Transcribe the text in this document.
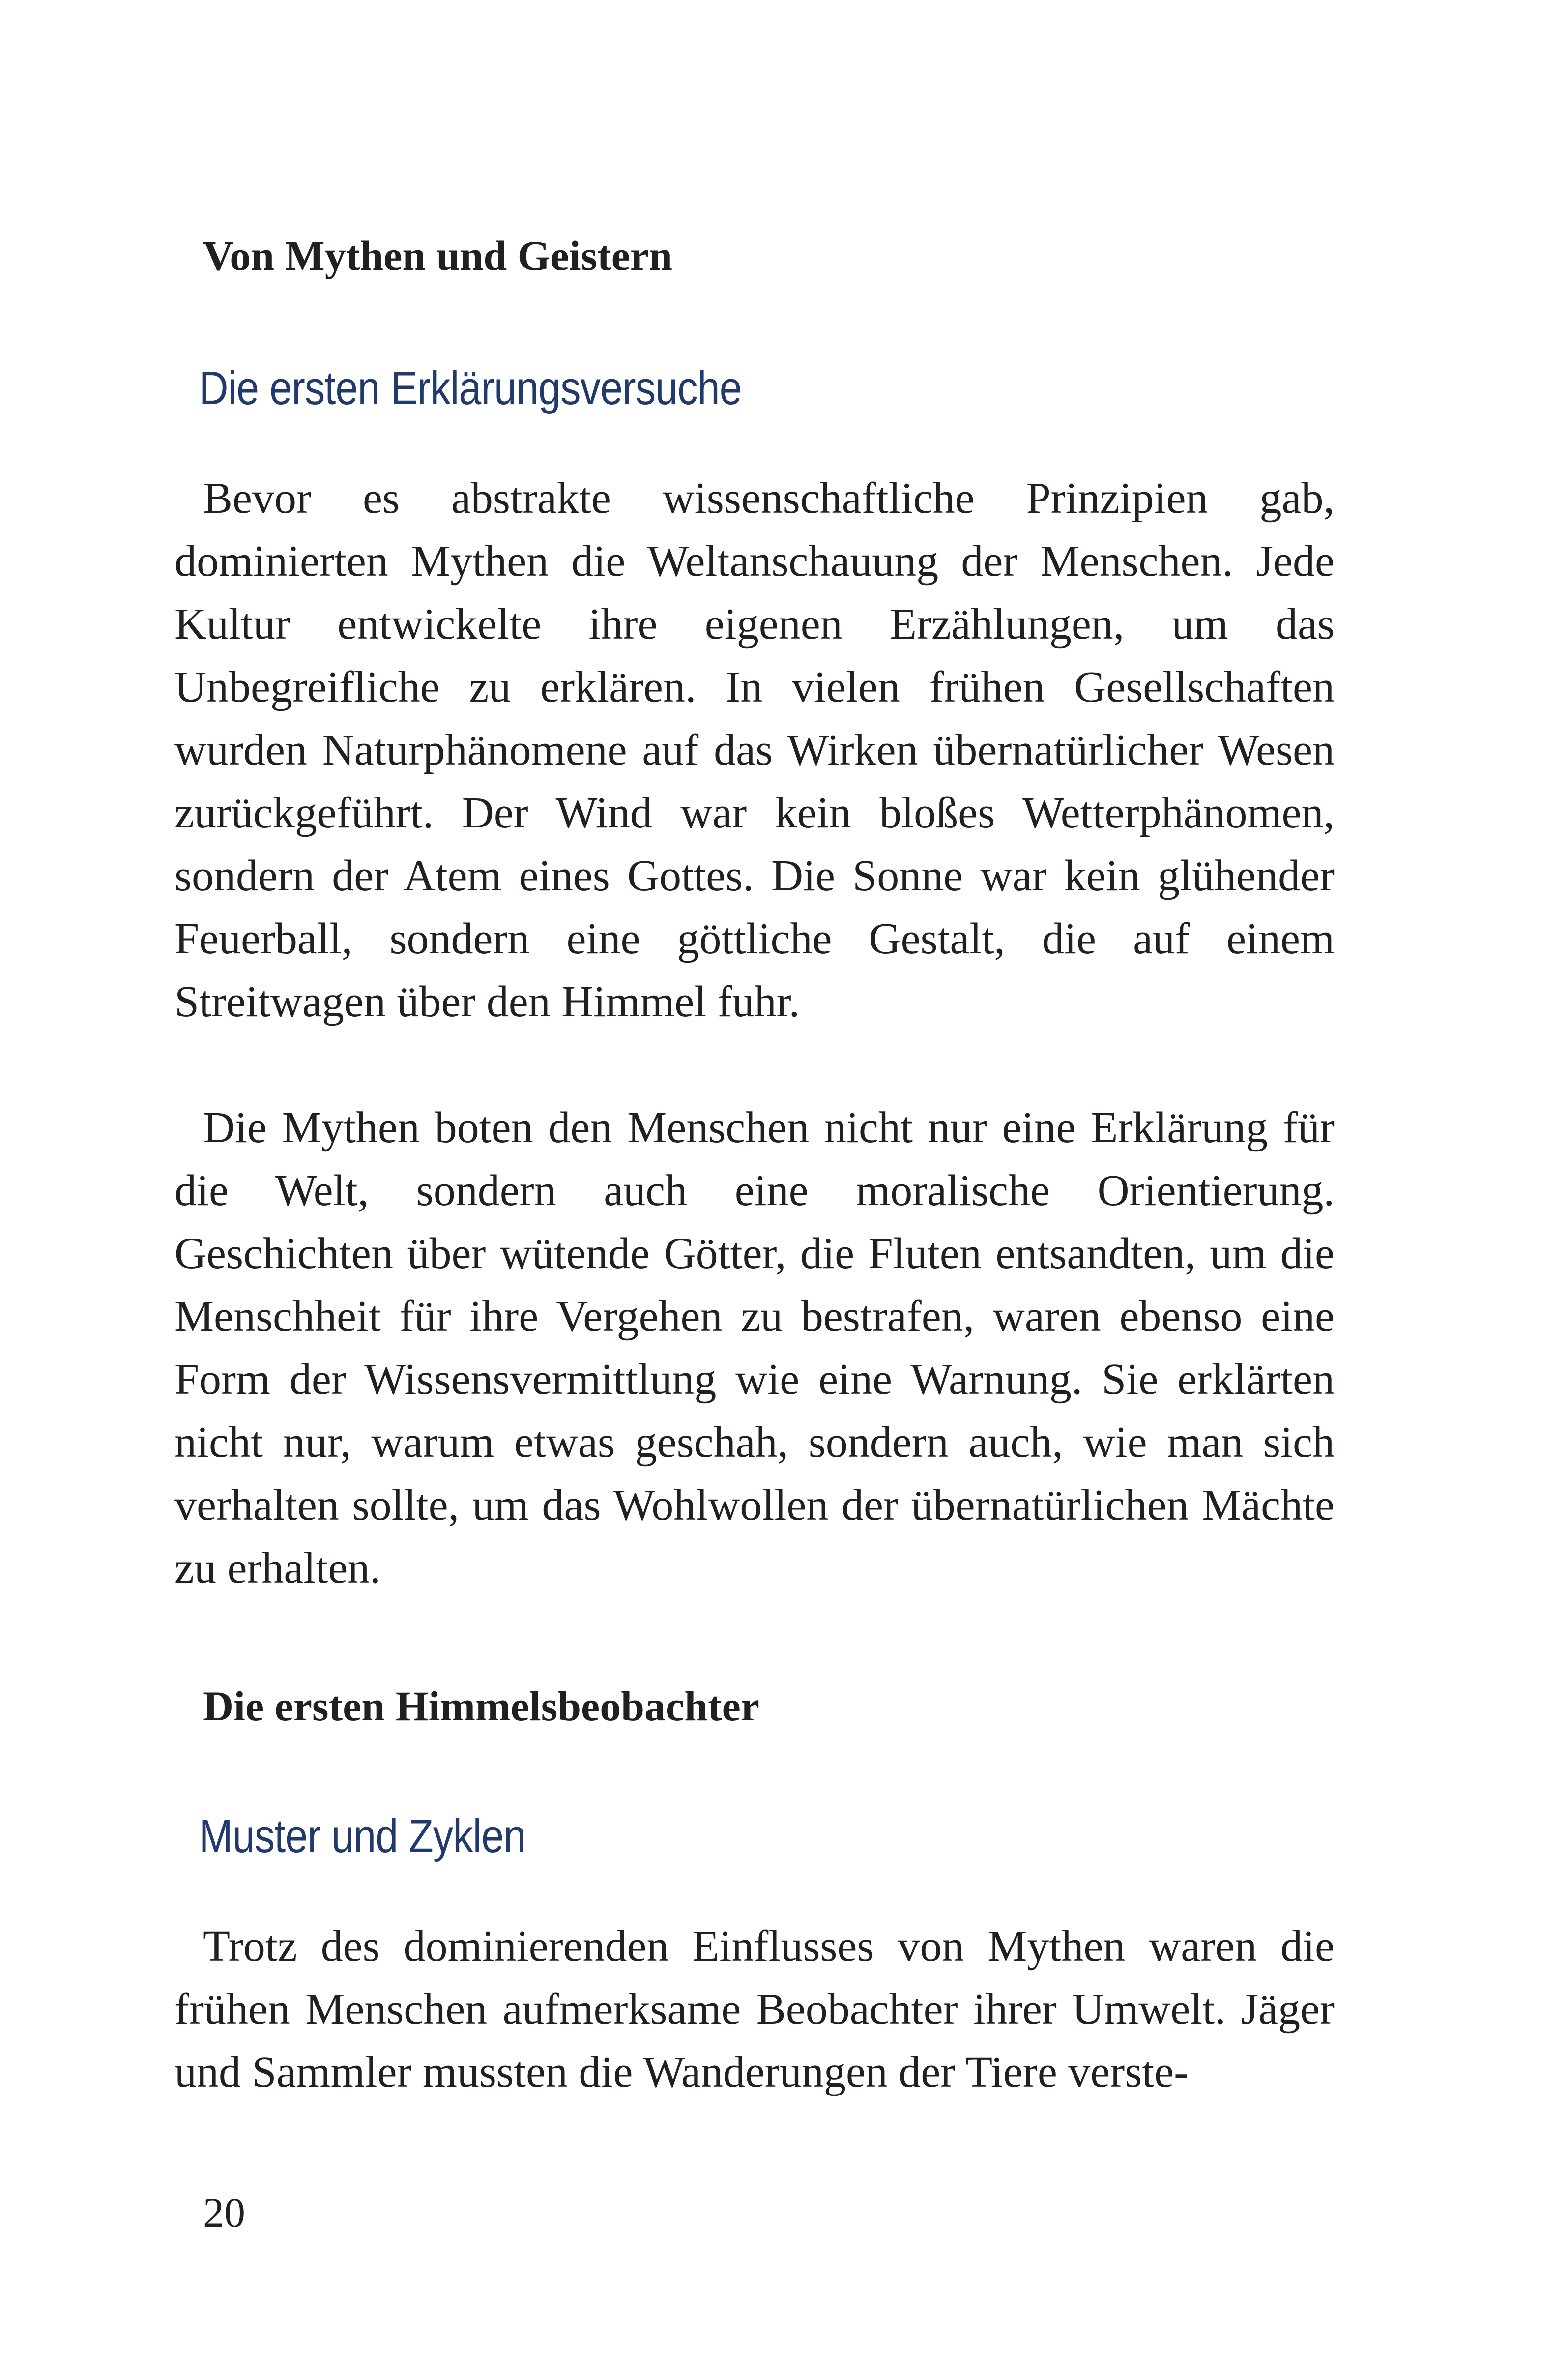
Von Mythen und Geistern
Die ersten Erklärungsversuche

Bevor es abstrakte wissenschaftliche Prinzipien gab, dominierten Mythen die Weltanschauung der Menschen. Jede Kultur entwickelte ihre eigenen Erzählungen, um das Unbegreifliche zu erklären. In vielen frühen Gesellschaften wurden Naturphänomene auf das Wirken übernatürlicher Wesen zurückgeführt. Der Wind war kein bloßes Wetterphänomen, sondern der Atem eines Gottes. Die Sonne war kein glühender Feuerball, sondern eine göttliche Gestalt, die auf einem Streitwagen über den Himmel fuhr.

Die Mythen boten den Menschen nicht nur eine Erklärung für die Welt, sondern auch eine moralische Orientierung. Geschichten über wütende Götter, die Fluten entsandten, um die Menschheit für ihre Vergehen zu bestrafen, waren ebenso eine Form der Wissensvermittlung wie eine Warnung. Sie erklärten nicht nur, warum etwas geschah, sondern auch, wie man sich verhalten sollte, um das Wohlwollen der übernatürlichen Mächte zu erhalten.

Die ersten Himmelsbeobachter
Muster und Zyklen

Trotz des dominierenden Einflusses von Mythen waren die frühen Menschen aufmerksame Beobachter ihrer Umwelt. Jäger und Sammler mussten die Wanderungen der Tiere verste-

20
